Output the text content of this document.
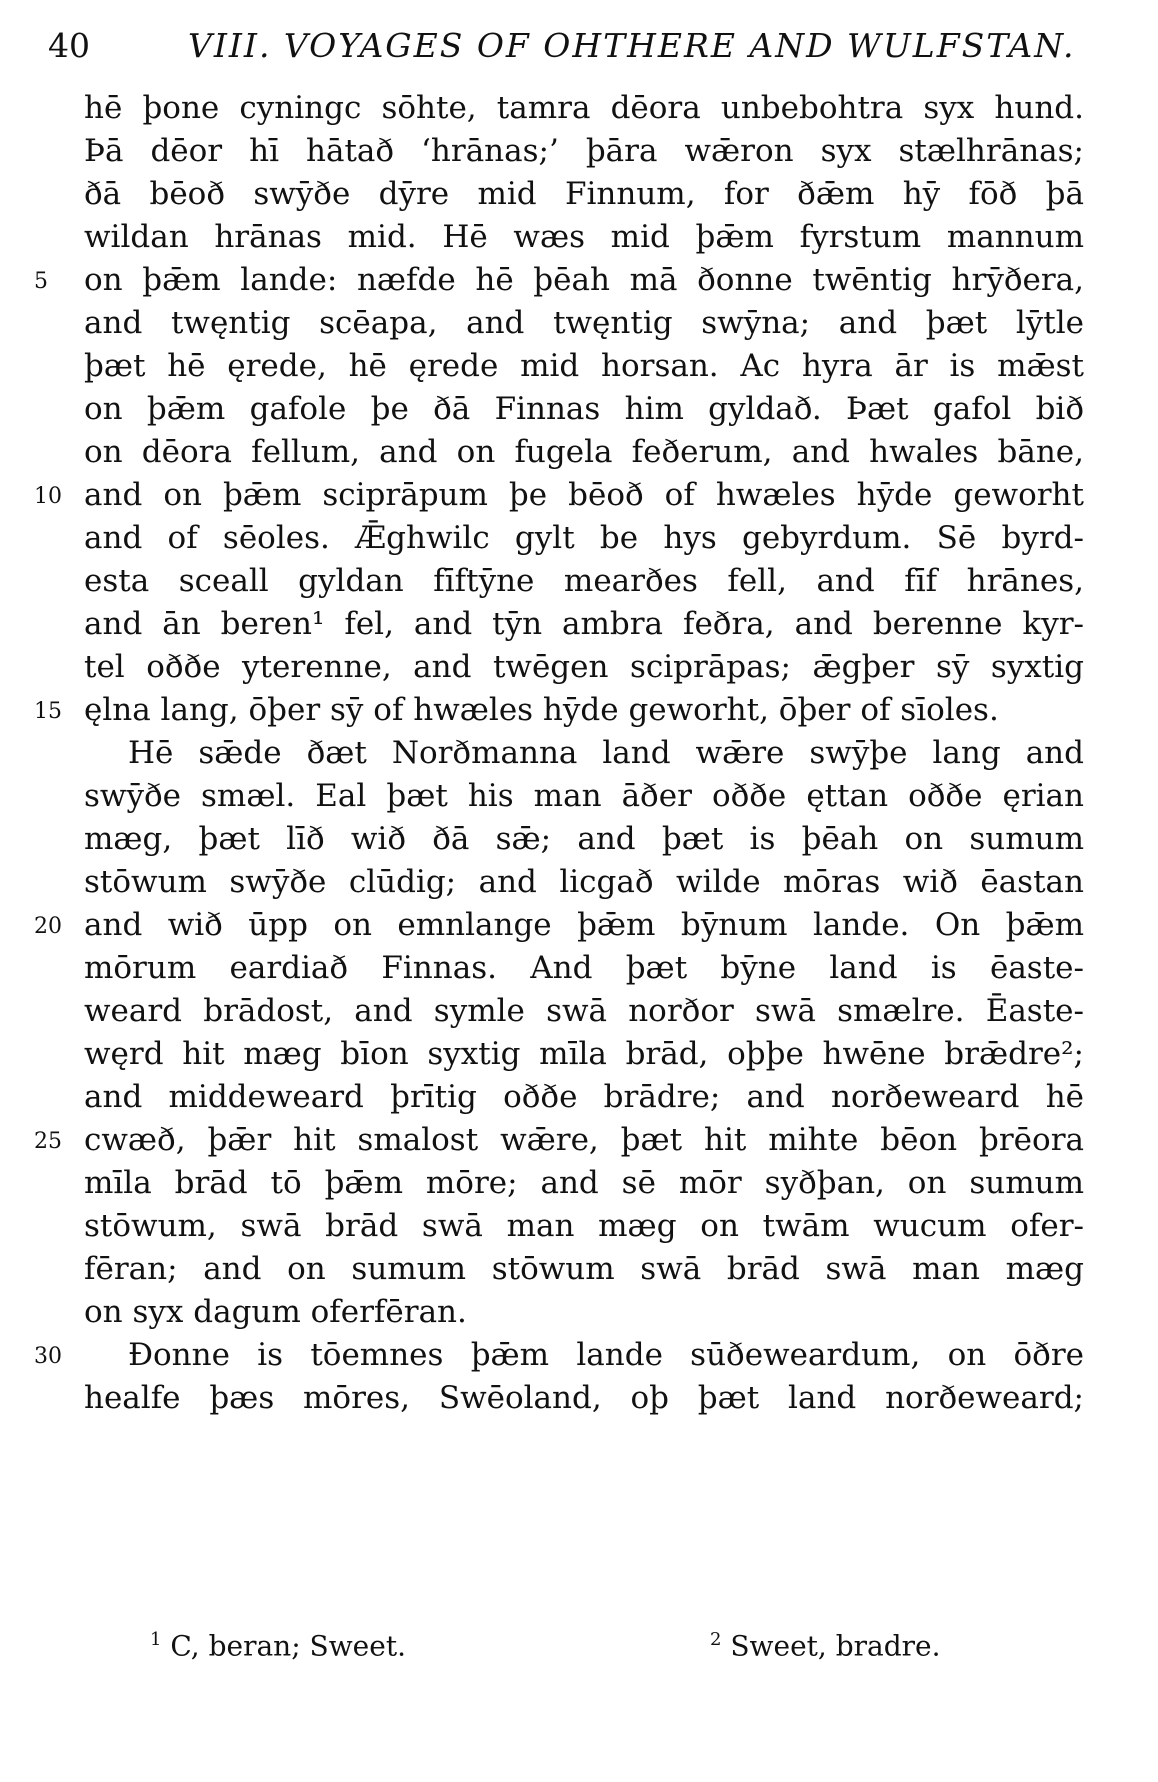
40	VIII. VOYAGES OF OHTHERE AND WULFSTAN.
hē þone cyningc sōhte, tamra dēora unbebohtra syx hund.
Þā dēor hī hātað ‘hrānas;’ þāra wǣron syx stælhrānas;
ðā bēoð swȳðe dȳre mid Finnum, for ðǣm hȳ fōð þā
wildan hrānas mid. Hē wæs mid þǣm fyrstum mannum
on þǣm lande: næfde hē þēah mā ðonne twēntig hrȳðera,
5
and twęntig scēapa, and twęntig swȳna; and þæt lȳtle
þæt hē ęrede, hē ęrede mid horsan. Ac hyra ār is mǣst
on þǣm gafole þe ðā Finnas him gyldað. Þæt gafol bið
on dēora fellum, and on fugela feðerum, and hwales bāne,
and on þǣm sciprāpum þe bēoð of hwæles hȳde geworht
10
and of sēoles. Ǣghwilc gylt be hys gebyrdum. Sē byrd-
esta sceall gyldan fīftȳne mearðes fell, and fīf hrānes,
and ān beren¹ fel, and tȳn ambra feðra, and berenne kyr-
tel oððe yterenne, and twēgen sciprāpas; ǣgþer sȳ syxtig
ęlna lang, ōþer sȳ of hwæles hȳde geworht, ōþer of sīoles.
15
Hē sǣde ðæt Norðmanna land wǣre swȳþe lang and
swȳðe smæl. Eal þæt his man āðer oððe ęttan oððe ęrian
mæg, þæt līð wið ðā sǣ; and þæt is þēah on sumum
stōwum swȳðe clūdig; and licgað wilde mōras wið ēastan
and wið ūpp on emnlange þǣm bȳnum lande. On þǣm
20
mōrum eardiað Finnas. And þæt bȳne land is ēaste-
weard brādost, and symle swā norðor swā smælre. Ēaste-
węrd hit mæg bīon syxtig mīla brād, oþþe hwēne brǣdre²;
and middeweard þrītig oððe brādre; and norðeweard hē
cwæð, þǣr hit smalost wǣre, þæt hit mihte bēon þrēora
25
mīla brād tō þǣm mōre; and sē mōr syðþan, on sumum
stōwum, swā brād swā man mæg on twām wucum ofer-
fēran; and on sumum stōwum swā brād swā man mæg
on syx dagum oferfēran.
Ðonne is tōemnes þǣm lande sūðeweardum, on ōðre
30
healfe þæs mōres, Swēoland, oþ þæt land norðeweard;
$^1$ C, beran; Sweet.	$^2$ Sweet, bradre.
